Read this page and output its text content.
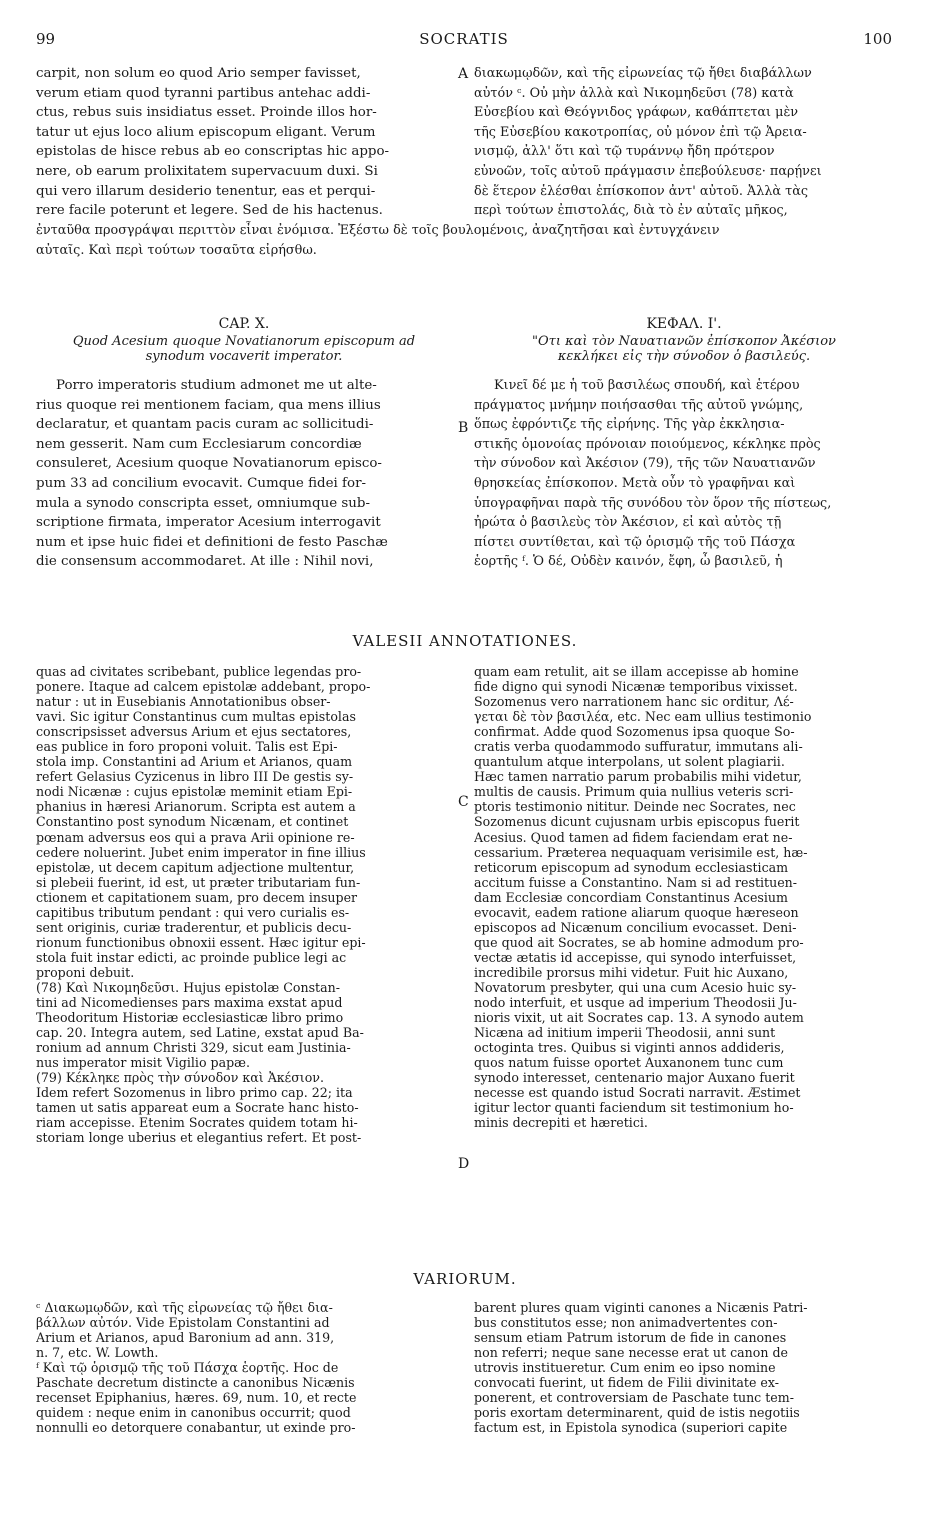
99	SOCRATIS	100
carpit, non solum eo quod Ario semper favisset,
verum etiam quod tyranni partibus antehac addi-
ctus, rebus suis insidiatus esset. Proinde illos hor-
tatur ut ejus loco alium episcopum eligant. Verum
epistolas de hisce rebus ab eo conscriptas hic appo-
nere, ob earum prolixitatem supervacuum duxi. Si
qui vero illarum desiderio tenentur, eas et perqui-
rere facile poterunt et legere. Sed de his hactenus.
A διακωμῳδῶν, καὶ τῆς εἰρωνείας τῷ ἤθει διαβάλλων
αὐτόν ᶜ. Οὐ μὴν ἀλλὰ καὶ Νικομηδεῦσι (78) κατὰ
Εὐσεβίου καὶ Θεόγνιδος γράφων, καθάπτεται μὲν
τῆς Εὐσεβίου κακοτροπίας, οὐ μόνον ἐπὶ τῷ Ἀρεια-
νισμῷ, ἀλλ' ὅτι καὶ τῷ τυράννῳ ἤδη πρότερον
εὐνοῶν, τοῖς αὐτοῦ πράγμασιν ἐπεβούλευσε· παρῄνει
δὲ ἕτερον ἑλέσθαι ἐπίσκοπον ἀντ' αὐτοῦ. Ἀλλὰ τὰς
περὶ τούτων ἐπιστολάς, διὰ τὸ ἐν αὐταῖς μῆκος,
ἐνταῦθα προσγράψαι περιττὸν εἶναι ἐνόμισα. Ἐξέστω δὲ τοῖς βουλομένοις, ἀναζητῆσαι καὶ ἐντυγχάνειν
αὐταῖς. Καὶ περὶ τούτων τοσαῦτα εἰρήσθω.
CAP. X.
Quod Acesium quoque Novatianorum episcopum ad
synodum vocaverit imperator.
ΚΕΦΑΛ. Ι'.
"Οτι καὶ τὸν Ναυατιανῶν ἐπίσκοπον Ἀκέσιον
κεκλήκει εἰς τὴν σύνοδον ὁ βασιλεύς.
Porro imperatoris studium admonet me ut alte-
rius quoque rei mentionem faciam, qua mens illius
declaratur, et quantam pacis curam ac sollicitudi-
nem gesserit. Nam cum Ecclesiarum concordiæ
consuleret, Acesium quoque Novatianorum episco-
pum 33 ad concilium evocavit. Cumque fidei for-
mula a synodo conscripta esset, omniumque sub-
scriptione firmata, imperator Acesium interrogavit
num et ipse huic fidei et definitioni de festo Paschæ
die consensum accommodaret. At ille : Nihil novi,
B
Κινεῖ δέ με ἡ τοῦ βασιλέως σπουδή, καὶ ἑτέρου
πράγματος μνήμην ποιήσασθαι τῆς αὐτοῦ γνώμης,
ὅπως ἐφρόντιζε τῆς εἰρήνης. Τῆς γὰρ ἐκκλησια-
στικῆς ὁμονοίας πρόνοιαν ποιούμενος, κέκληκε πρὸς
τὴν σύνοδον καὶ Ἀκέσιον (79), τῆς τῶν Ναυατιανῶν
θρησκείας ἐπίσκοπον. Μετὰ οὖν τὸ γραφῆναι καὶ
ὑπογραφῆναι παρὰ τῆς συνόδου τὸν ὅρον τῆς πίστεως,
ἠρώτα ὁ βασιλεὺς τὸν Ἀκέσιον, εἰ καὶ αὐτὸς τῇ
πίστει συντίθεται, καὶ τῷ ὁρισμῷ τῆς τοῦ Πάσχα
ἑορτῆς ᶠ. Ὁ δέ, Οὐδὲν καινόν, ἔφη, ὦ βασιλεῦ, ἡ
VALESII ANNOTATIONES.
quas ad civitates scribebant, publice legendas pro-
ponere. Itaque ad calcem epistolæ addebant, propo-
natur : ut in Eusebianis Annotationibus obser-
vavi. Sic igitur Constantinus cum multas epistolas
conscripsisset adversus Arium et ejus sectatores,
eas publice in foro proponi voluit. Talis est Epi-
stola imp. Constantini ad Arium et Arianos, quam
refert Gelasius Cyzicenus in libro III De gestis sy-
nodi Nicænæ : cujus epistolæ meminit etiam Epi-
phanius in hæresi Arianorum. Scripta est autem a
Constantino post synodum Nicænam, et continet
pœnam adversus eos qui a prava Arii opinione re-
cedere noluerint. Jubet enim imperator in fine illius
epistolæ, ut decem capitum adjectione multentur,
si plebeii fuerint, id est, ut præter tributariam fun-
ctionem et capitationem suam, pro decem insuper
capitibus tributum pendant : qui vero curialis es-
sent originis, curiæ traderentur, et publicis decu-
rionum functionibus obnoxii essent. Hæc igitur epi-
stola fuit instar edicti, ac proinde publice legi ac
proponi debuit.
(78) Καὶ Νικομηδεῦσι. Hujus epistolæ Constan-
tini ad Nicomedienses pars maxima exstat apud
Theodoritum Historiæ ecclesiasticæ libro primo
cap. 20. Integra autem, sed Latine, exstat apud Ba-
ronium ad annum Christi 329, sicut eam Justinia-
nus imperator misit Vigilio papæ.
(79) Κέκληκε πρὸς τὴν σύνοδον καὶ Ἀκέσιον.
Idem refert Sozomenus in libro primo cap. 22; ita
tamen ut satis appareat eum a Socrate hanc histo-
riam accepisse. Etenim Socrates quidem totam hi-
storiam longe uberius et elegantius refert. Et post-
C
D
quam eam retulit, ait se illam accepisse ab homine
fide digno qui synodi Nicænæ temporibus vixisset.
Sozomenus vero narrationem hanc sic orditur, Λέ-
γεται δὲ τὸν βασιλέα, etc. Nec eam ullius testimonio
confirmat. Adde quod Sozomenus ipsa quoque So-
cratis verba quodammodo suffuratur, immutans ali-
quantulum atque interpolans, ut solent plagiarii.
Hæc tamen narratio parum probabilis mihi videtur,
multis de causis. Primum quia nullius veteris scri-
ptoris testimonio nititur. Deinde nec Socrates, nec
Sozomenus dicunt cujusnam urbis episcopus fuerit
Acesius. Quod tamen ad fidem faciendam erat ne-
cessarium. Præterea nequaquam verisimile est, hæ-
reticorum episcopum ad synodum ecclesiasticam
accitum fuisse a Constantino. Nam si ad restituen-
dam Ecclesiæ concordiam Constantinus Acesium
evocavit, eadem ratione aliarum quoque hæreseon
episcopos ad Nicænum concilium evocasset. Deni-
que quod ait Socrates, se ab homine admodum pro-
vectæ ætatis id accepisse, qui synodo interfuisset,
incredibile prorsus mihi videtur. Fuit hic Auxano,
Novatorum presbyter, qui una cum Acesio huic sy-
nodo interfuit, et usque ad imperium Theodosii Ju-
nioris vixit, ut ait Socrates cap. 13. A synodo autem
Nicæna ad initium imperii Theodosii, anni sunt
octoginta tres. Quibus si viginti annos addideris,
quos natum fuisse oportet Auxanonem tunc cum
synodo interesset, centenario major Auxano fuerit
necesse est quando istud Socrati narravit. Æstimet
igitur lector quanti faciendum sit testimonium ho-
minis decrepiti et hæretici.
VARIORUM.
ᶜ Διακωμῳδῶν, καὶ τῆς εἰρωνείας τῷ ἤθει δια-
βάλλων αὐτόν. Vide Epistolam Constantini ad
Arium et Arianos, apud Baronium ad ann. 319,
n. 7, etc. W. Lowth.
ᶠ Καὶ τῷ ὁρισμῷ τῆς τοῦ Πάσχα ἑορτῆς. Hoc de
Paschate decretum distincte a canonibus Nicænis
recenset Epiphanius, hæres. 69, num. 10, et recte
quidem : neque enim in canonibus occurrit; quod
nonnulli eo detorquere conabantur, ut exinde pro-
barent plures quam viginti canones a Nicænis Patri-
bus constitutos esse; non animadvertentes con-
sensum etiam Patrum istorum de fide in canones
non referri; neque sane necesse erat ut canon de
utrovis institueretur. Cum enim eo ipso nomine
convocati fuerint, ut fidem de Filii divinitate ex-
ponerent, et controversiam de Paschate tunc tem-
poris exortam determinarent, quid de istis negotiis
factum est, in Epistola synodica (superiori capite
